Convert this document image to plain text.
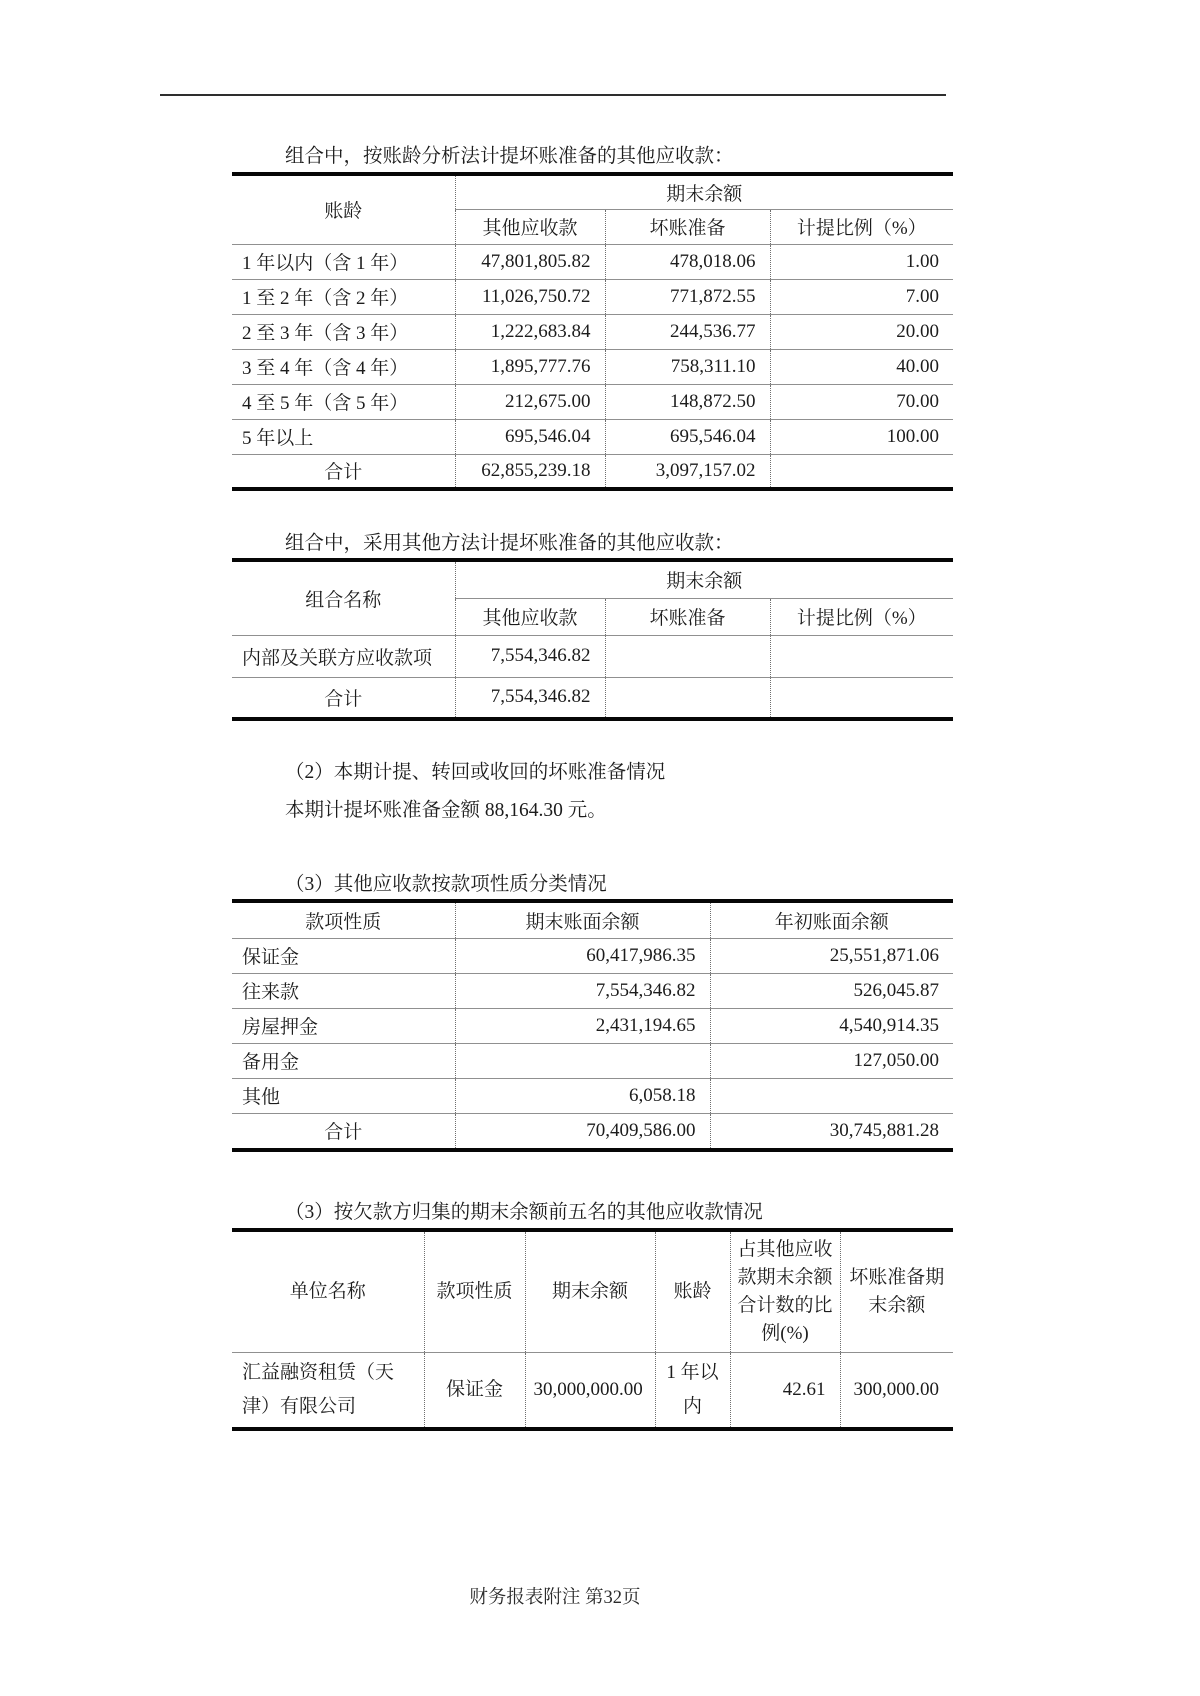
组合中，按账龄分析法计提坏账准备的其他应收款：
账龄	期末余额		
	其他应收款	坏账准备	计提比例（%）
1 年以内（含 1 年）	47,801,805.82	478,018.06	1.00
1 至 2 年（含 2 年）	11,026,750.72	771,872.55	7.00
2 至 3 年（含 3 年）	1,222,683.84	244,536.77	20.00
3 至 4 年（含 4 年）	1,895,777.76	758,311.10	40.00
4 至 5 年（含 5 年）	212,675.00	148,872.50	70.00
5 年以上	695,546.04	695,546.04	100.00
合计	62,855,239.18	3,097,157.02	
组合中，采用其他方法计提坏账准备的其他应收款：
组合名称	期末余额		
	其他应收款	坏账准备	计提比例（%）
内部及关联方应收款项	7,554,346.82		
合计	7,554,346.82		
（2）本期计提、转回或收回的坏账准备情况
本期计提坏账准备金额 88,164.30 元。
（3）其他应收款按款项性质分类情况
款项性质	期末账面余额	年初账面余额
保证金	60,417,986.35	25,551,871.06
往来款	7,554,346.82	526,045.87
房屋押金	2,431,194.65	4,540,914.35
备用金		127,050.00
其他	6,058.18	
合计	70,409,586.00	30,745,881.28
（3）按欠款方归集的期末余额前五名的其他应收款情况
单位名称	款项性质	期末余额	账龄	占其他应收款期末余额合计数的比例(%)	坏账准备期末余额
汇益融资租赁（天津）有限公司	保证金	30,000,000.00	1 年以内	42.61	300,000.00
财务报表附注 第32页
